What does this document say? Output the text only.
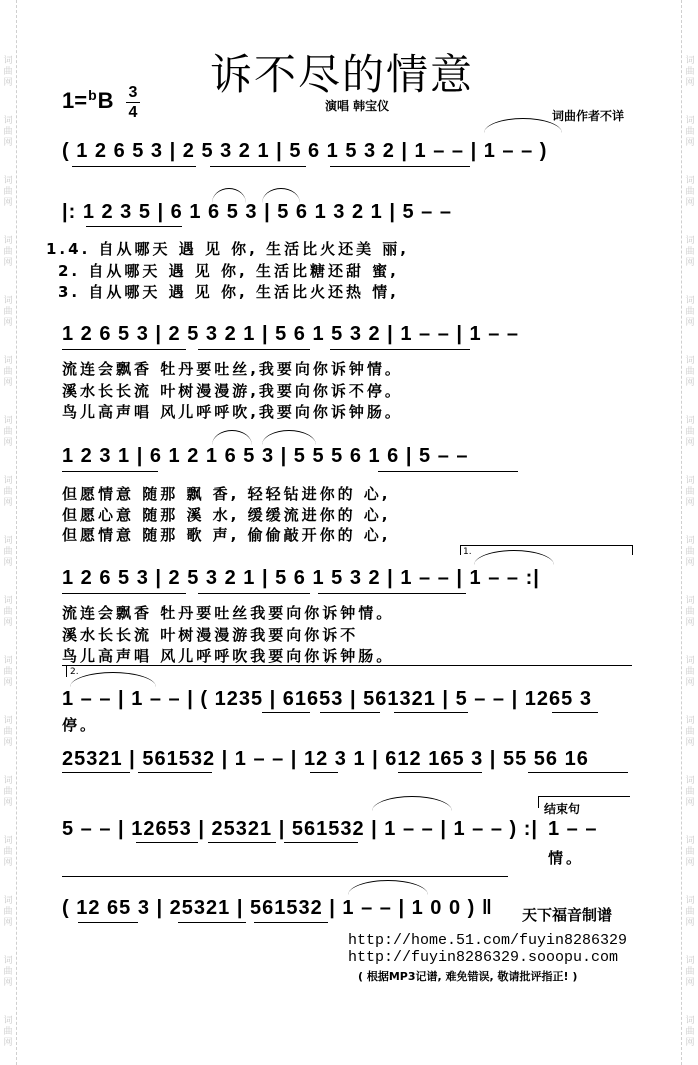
词
曲
网
词
曲
网
词
曲
网
词
曲
网
词
曲
网
词
曲
网
词
曲
网
词
曲
网
词
曲
网
词
曲
网
词
曲
网
词
曲
网
词
曲
网
词
曲
网
词
曲
网
词
曲
网
词
曲
网
词
曲
网
词
曲
网
词
曲
网
词
曲
网
词
曲
网
词
曲
网
词
曲
网
词
曲
网
词
曲
网
词
曲
网
词
曲
网
词
曲
网
词
曲
网
词
曲
网
词
曲
网
词
曲
网
词
曲
网
诉不尽的情意
1=$^b$B 3
4	演唱 韩宝仪
词曲作者不详
( 1 2 6 5 3 | 2 5 3 2 1 | 5 6 1 5 3 2 | 1 – – | 1 – – )
|: 1 2 3 5 | 6 1 6 5 3 | 5 6 1 3 2 1 | 5 – –
1.4. 自从哪天 遇 见 你, 生活比火还美 丽,
2. 自从哪天 遇 见 你, 生活比糖还甜 蜜,
3. 自从哪天 遇 见 你, 生活比火还热 情,
1 2 6 5 3 | 2 5 3 2 1 | 5 6 1 5 3 2 | 1 – – | 1 – –
流连会飘香 牡丹要吐丝,我要向你诉钟情。
溪水长长流 叶树漫漫游,我要向你诉不停。
鸟儿高声唱 风儿呼呼吹,我要向你诉钟肠。
1 2 3 1 | 6 1 2 1 6 5 3 | 5 5 5 6 1 6 | 5 – –
但愿情意 随那 飘 香, 轻轻钻进你的 心,
但愿心意 随那 溪 水, 缓缓流进你的 心,
但愿情意 随那 歌 声, 偷偷敲开你的 心,
1.
1 2 6 5 3 | 2 5 3 2 1 | 5 6 1 5 3 2 | 1 – – | 1 – – :|
流连会飘香 牡丹要吐丝我要向你诉钟情。
溪水长长流 叶树漫漫游我要向你诉不
鸟儿高声唱 风儿呼呼吹我要向你诉钟肠。
2.
1 – – | 1 – – | ( 1235 | 61653 | 561321 | 5 – – | 1265 3
停。
25321 | 561532 | 1 – – | 12 3 1 | 612 165 3 | 55 56 16
5 – – | 12653 | 25321 | 561532 | 1 – – | 1 – – ) :|
结束句
1 – –
情。
( 12 65 3 | 25321 | 561532 | 1 – – | 1 0 0 ) ‖	天下福音制谱
http://home.51.com/fuyin8286329
http://fuyin8286329.sooopu.com
( 根据MP3记谱, 难免错误, 敬请批评指正! )
